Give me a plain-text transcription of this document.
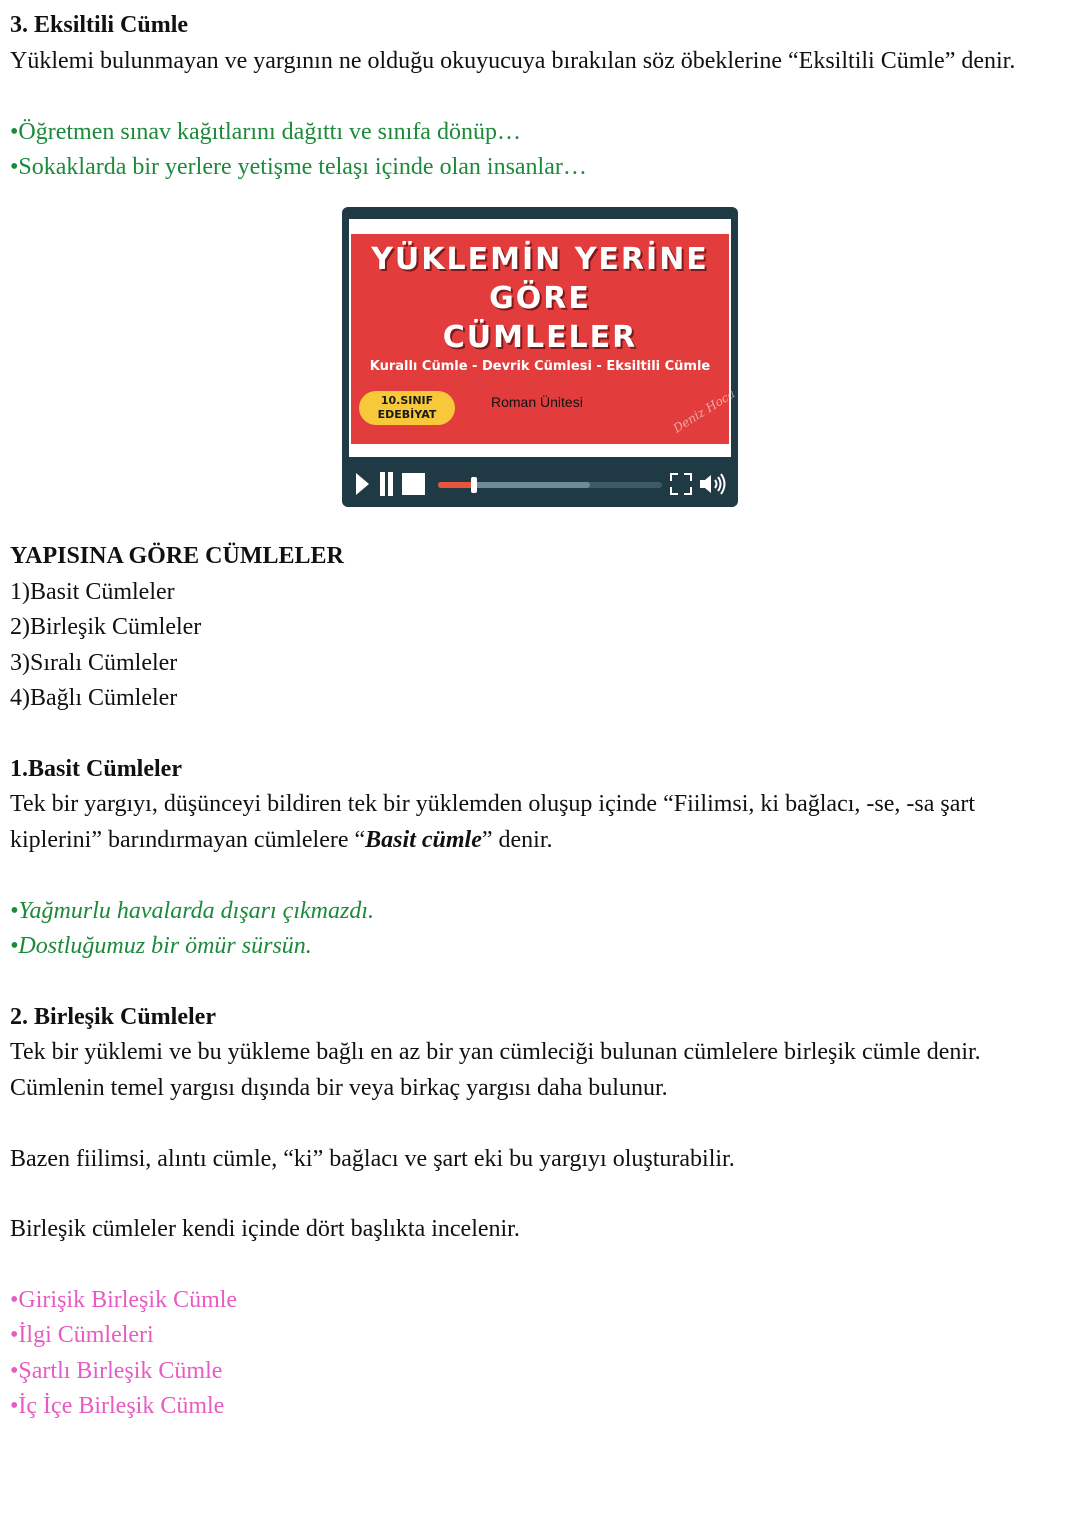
3. Eksiltili Cümle
Yüklemi bulunmayan ve yargının ne olduğu okuyucuya bırakılan söz öbeklerine “Eksiltili Cümle” denir.
•Öğretmen sınav kağıtlarını dağıttı ve sınıfa dönüp…
•Sokaklarda bir yerlere yetişme telaşı içinde olan insanlar…
YAPISINA GÖRE CÜMLELER
1)Basit Cümleler
2)Birleşik Cümleler
3)Sıralı Cümleler
4)Bağlı Cümleler
1.Basit Cümleler
Tek bir yargıyı, düşünceyi bildiren tek bir yüklemden oluşup içinde “Fiilimsi, ki bağlacı, -se, -sa şart
kiplerini” barındırmayan cümlelere “Basit cümle” denir.
•Yağmurlu havalarda dışarı çıkmazdı.
•Dostluğumuz bir ömür sürsün.
2. Birleşik Cümleler
Tek bir yüklemi ve bu yükleme bağlı en az bir yan cümleciği bulunan cümlelere birleşik cümle denir.
Cümlenin temel yargısı dışında bir veya birkaç yargısı daha bulunur.
Bazen fiilimsi, alıntı cümle, “ki” bağlacı ve şart eki bu yargıyı oluşturabilir.
Birleşik cümleler kendi içinde dört başlıkta incelenir.
•Girişik Birleşik Cümle
•İlgi Cümleleri
•Şartlı Birleşik Cümle
•İç İçe Birleşik Cümle
YÜKLEMİN YERİNE
GÖRE
CÜMLELER
Kurallı Cümle - Devrik Cümlesi - Eksiltili Cümle
10.SINIF
EDEBİYAT
Roman Ünitesi	Deniz Hoca
